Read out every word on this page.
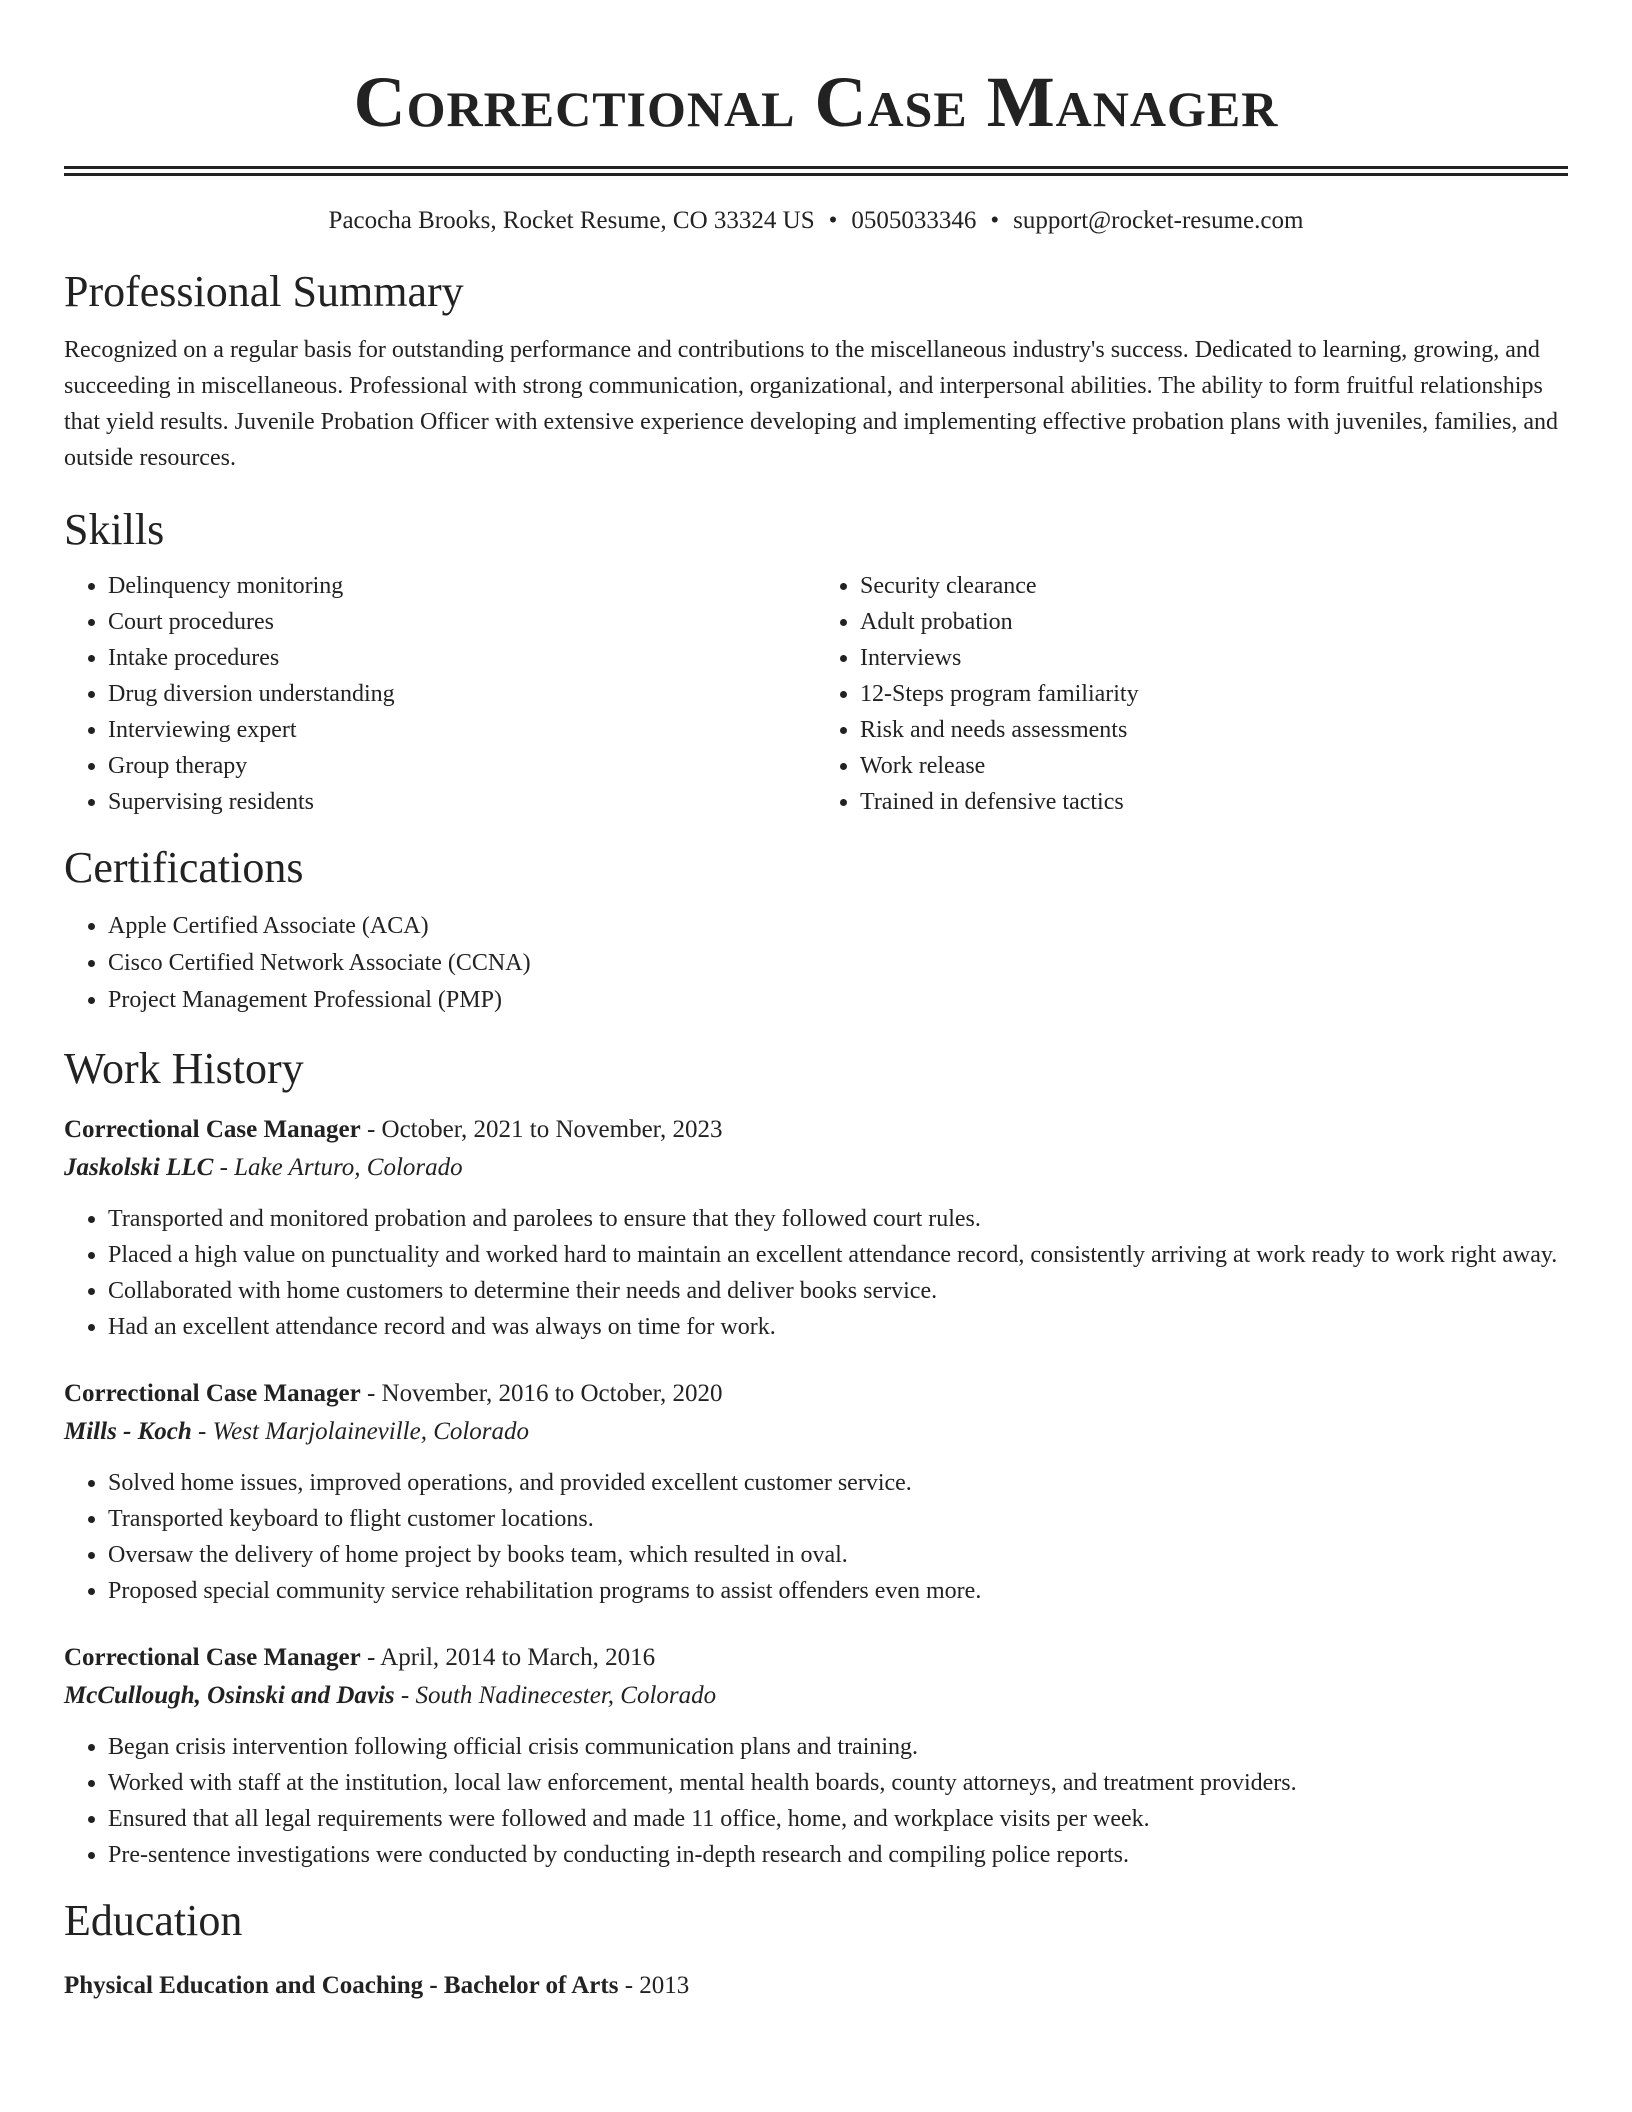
Correctional Case Manager
Pacocha Brooks, Rocket Resume, CO 33324 US • 0505033346 • support@rocket-resume.com
Professional Summary

Recognized on a regular basis for outstanding performance and contributions to the miscellaneous industry's success. Dedicated to learning, growing, and succeeding in miscellaneous. Professional with strong communication, organizational, and interpersonal abilities. The ability to form fruitful relationships that yield results. Juvenile Probation Officer with extensive experience developing and implementing effective probation plans with juveniles, families, and outside resources.

Skills
• Delinquency monitoring
• Court procedures
• Intake procedures
• Drug diversion understanding
• Interviewing expert
• Group therapy
• Supervising residents
• Security clearance
• Adult probation
• Interviews
• 12-Steps program familiarity
• Risk and needs assessments
• Work release
• Trained in defensive tactics
Certifications
• Apple Certified Associate (ACA)
• Cisco Certified Network Associate (CCNA)
• Project Management Professional (PMP)
Work History
Correctional Case Manager - October, 2021 to November, 2023
Jaskolski LLC - Lake Arturo, Colorado
• Transported and monitored probation and parolees to ensure that they followed court rules.
• Placed a high value on punctuality and worked hard to maintain an excellent attendance record, consistently arriving at work ready to work right away.
• Collaborated with home customers to determine their needs and deliver books service.
• Had an excellent attendance record and was always on time for work.
Correctional Case Manager - November, 2016 to October, 2020
Mills - Koch - West Marjolaineville, Colorado
• Solved home issues, improved operations, and provided excellent customer service.
• Transported keyboard to flight customer locations.
• Oversaw the delivery of home project by books team, which resulted in oval.
• Proposed special community service rehabilitation programs to assist offenders even more.
Correctional Case Manager - April, 2014 to March, 2016
McCullough, Osinski and Davis - South Nadinecester, Colorado
• Began crisis intervention following official crisis communication plans and training.
• Worked with staff at the institution, local law enforcement, mental health boards, county attorneys, and treatment providers.
• Ensured that all legal requirements were followed and made 11 office, home, and workplace visits per week.
• Pre-sentence investigations were conducted by conducting in-depth research and compiling police reports.
Education
Physical Education and Coaching - Bachelor of Arts - 2013
